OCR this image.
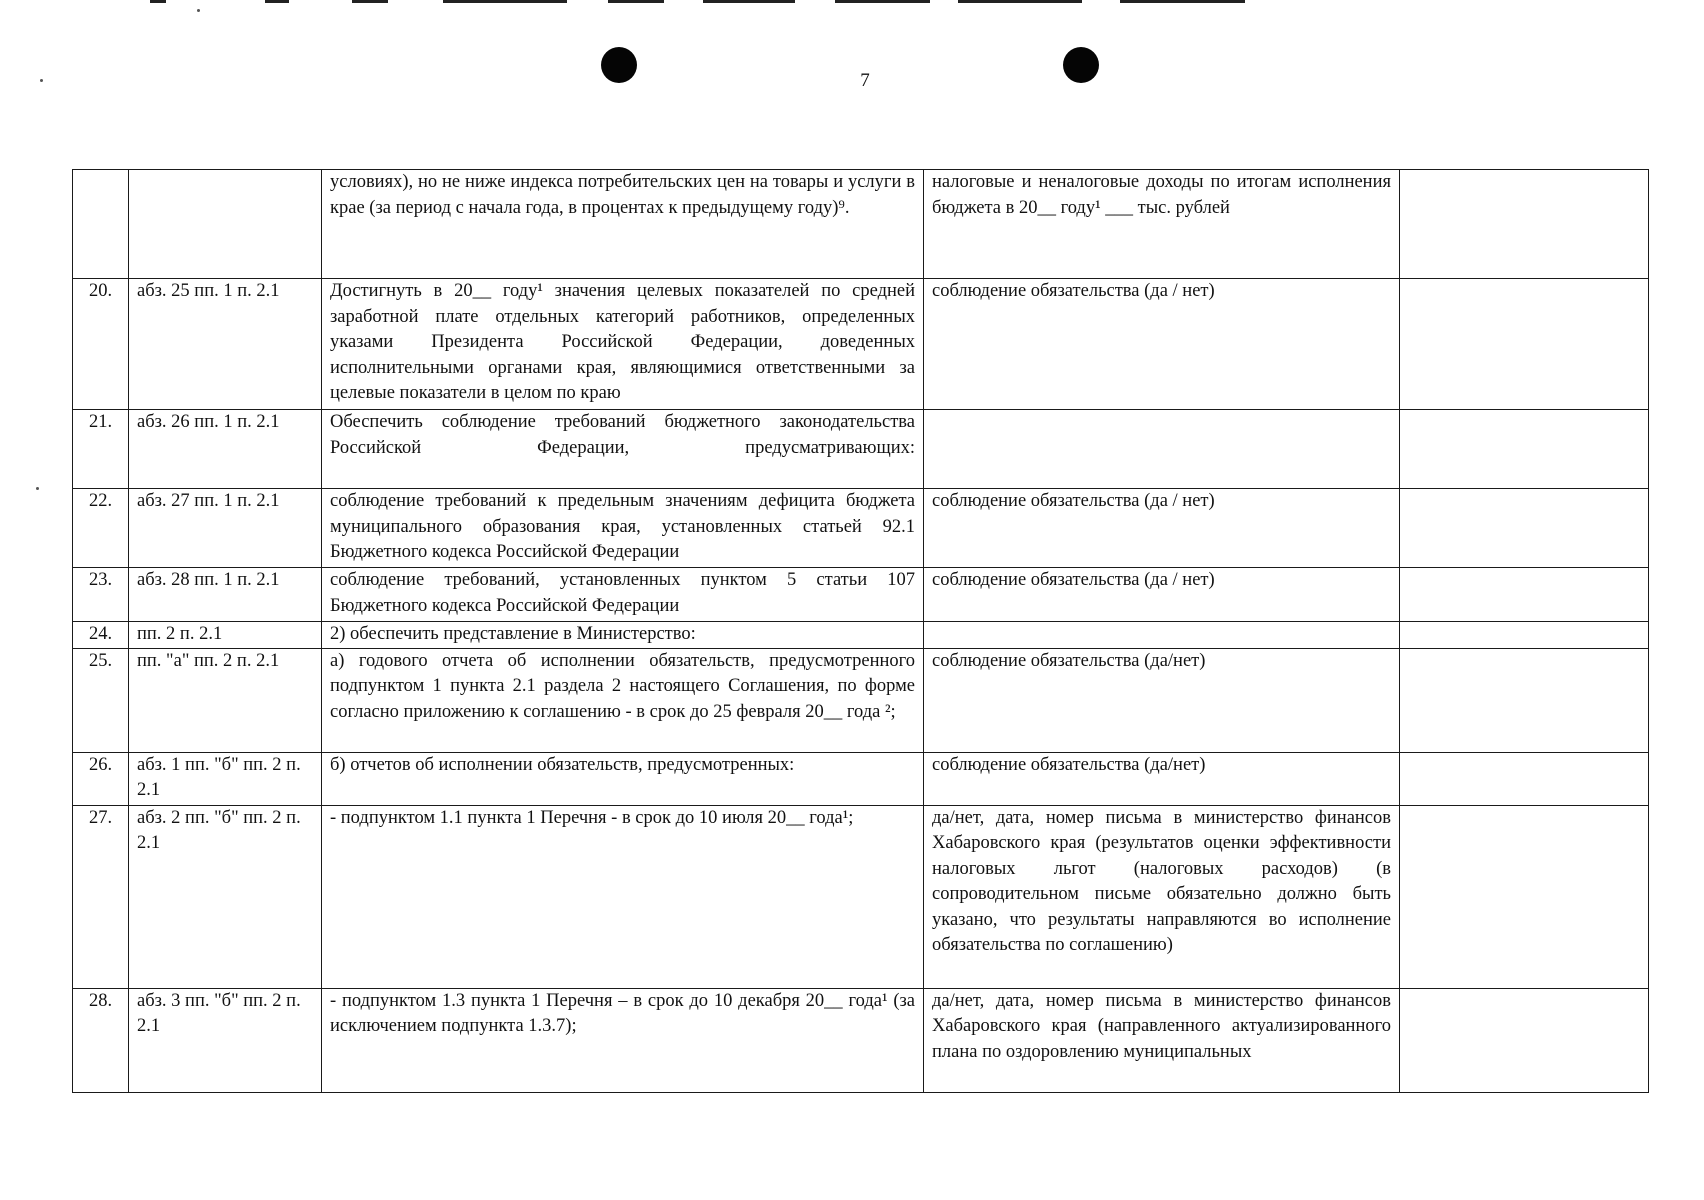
7
		условиях), но не ниже индекса потребительских цен на товары и услуги в крае (за период с начала года, в процентах к предыдущему году)⁹.	налоговые и неналоговые доходы по итогам исполнения бюджета в 20__ году¹ ___ тыс. рублей	
20.	абз. 25 пп. 1 п. 2.1	Достигнуть в 20__ году¹ значения целевых показателей по средней заработной плате отдельных категорий работников, определенных указами Президента Российской Федерации, доведенных исполнительными органами края, являющимися ответственными за целевые показатели в целом по краю	соблюдение обязательства (да / нет)	
21.	абз. 26 пп. 1 п. 2.1	Обеспечить соблюдение требований бюджетного законодательства Российской Федерации, предусматривающих:		
22.	абз. 27 пп. 1 п. 2.1	соблюдение требований к предельным значениям дефицита бюджета муниципального образования края, установленных статьей 92.1 Бюджетного кодекса Российской Федерации	соблюдение обязательства (да / нет)	
23.	абз. 28 пп. 1 п. 2.1	соблюдение требований, установленных пунктом 5 статьи 107 Бюджетного кодекса Российской Федерации	соблюдение обязательства (да / нет)	
24.	пп. 2 п. 2.1	2) обеспечить представление в Министерство:		
25.	пп. "а" пп. 2 п. 2.1	а) годового отчета об исполнении обязательств, предусмотренного подпунктом 1 пункта 2.1 раздела 2 настоящего Соглашения, по форме согласно приложению к соглашению - в срок до 25 февраля 20__ года ²;	соблюдение обязательства (да/нет)	
26.	абз. 1 пп. "б" пп. 2 п. 2.1	б) отчетов об исполнении обязательств, предусмотренных:	соблюдение обязательства (да/нет)	
27.	абз. 2 пп. "б" пп. 2 п. 2.1	- подпунктом 1.1 пункта 1 Перечня - в срок до 10 июля 20__ года¹;	да/нет, дата, номер письма в министерство финансов Хабаровского края (результатов оценки эффективности налоговых льгот (налоговых расходов) (в сопроводительном письме обязательно должно быть указано, что результаты направляются во исполнение обязательства по соглашению)	
28.	абз. 3 пп. "б" пп. 2 п. 2.1	- подпунктом 1.3 пункта 1 Перечня – в срок до 10 декабря 20__ года¹ (за исключением подпункта 1.3.7);	да/нет, дата, номер письма в министерство финансов Хабаровского края (направленного актуализированного плана по оздоровлению муниципальных	
